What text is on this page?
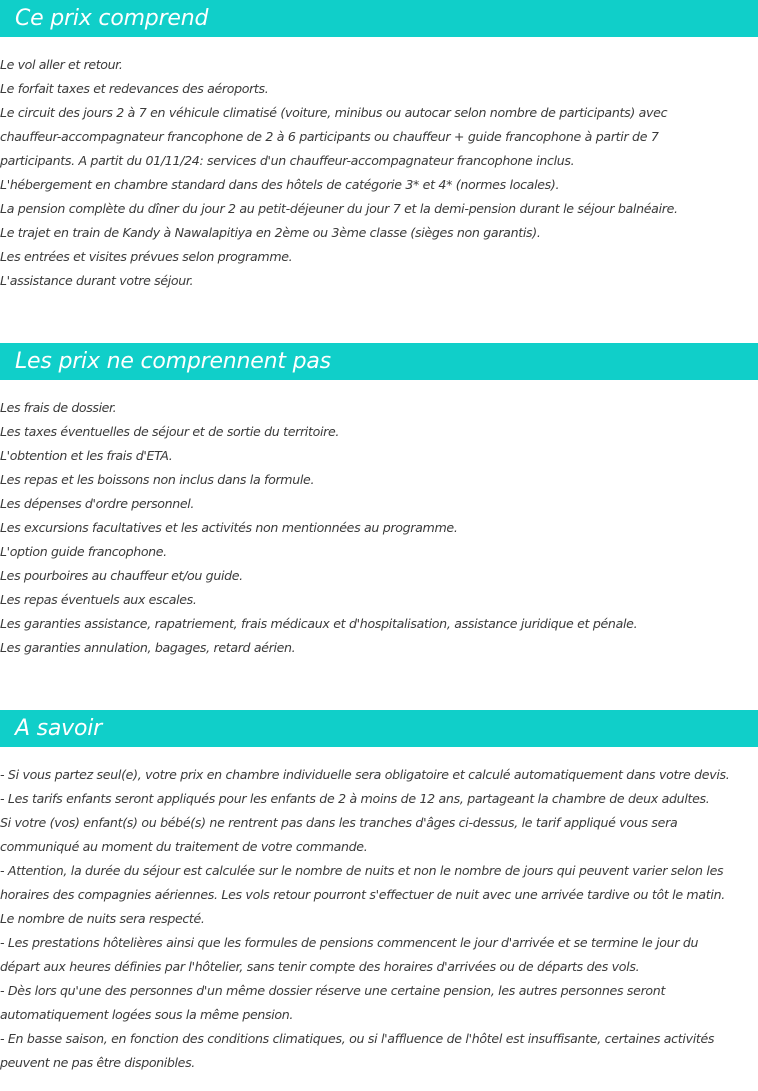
Ce prix comprend
Le vol aller et retour.
Le forfait taxes et redevances des aéroports.
Le circuit des jours 2 à 7 en véhicule climatisé (voiture, minibus ou autocar selon nombre de participants) avec
chauffeur-accompagnateur francophone de 2 à 6 participants ou chauffeur + guide francophone à partir de 7
participants. A partit du 01/11/24: services d'un chauffeur-accompagnateur francophone inclus.
L'hébergement en chambre standard dans des hôtels de catégorie 3* et 4* (normes locales).
La pension complète du dîner du jour 2 au petit-déjeuner du jour 7 et la demi-pension durant le séjour balnéaire.
Le trajet en train de Kandy à Nawalapitiya en 2ème ou 3ème classe (sièges non garantis).
Les entrées et visites prévues selon programme.
L'assistance durant votre séjour.
Les prix ne comprennent pas
Les frais de dossier.
Les taxes éventuelles de séjour et de sortie du territoire.
L'obtention et les frais d'ETA.
Les repas et les boissons non inclus dans la formule.
Les dépenses d'ordre personnel.
Les excursions facultatives et les activités non mentionnées au programme.
L'option guide francophone.
Les pourboires au chauffeur et/ou guide.
Les repas éventuels aux escales.
Les garanties assistance, rapatriement, frais médicaux et d'hospitalisation, assistance juridique et pénale.
Les garanties annulation, bagages, retard aérien.
A savoir
- Si vous partez seul(e), votre prix en chambre individuelle sera obligatoire et calculé automatiquement dans votre devis.
- Les tarifs enfants seront appliqués pour les enfants de 2 à moins de 12 ans, partageant la chambre de deux adultes.
Si votre (vos) enfant(s) ou bébé(s) ne rentrent pas dans les tranches d'âges ci-dessus, le tarif appliqué vous sera
communiqué au moment du traitement de votre commande.
- Attention, la durée du séjour est calculée sur le nombre de nuits et non le nombre de jours qui peuvent varier selon les
horaires des compagnies aériennes. Les vols retour pourront s'effectuer de nuit avec une arrivée tardive ou tôt le matin.
Le nombre de nuits sera respecté.
- Les prestations hôtelières ainsi que les formules de pensions commencent le jour d'arrivée et se termine le jour du
départ aux heures définies par l'hôtelier, sans tenir compte des horaires d'arrivées ou de départs des vols.
- Dès lors qu'une des personnes d'un même dossier réserve une certaine pension, les autres personnes seront
automatiquement logées sous la même pension.
- En basse saison, en fonction des conditions climatiques, ou si l'affluence de l'hôtel est insuffisante, certaines activités
peuvent ne pas être disponibles.
